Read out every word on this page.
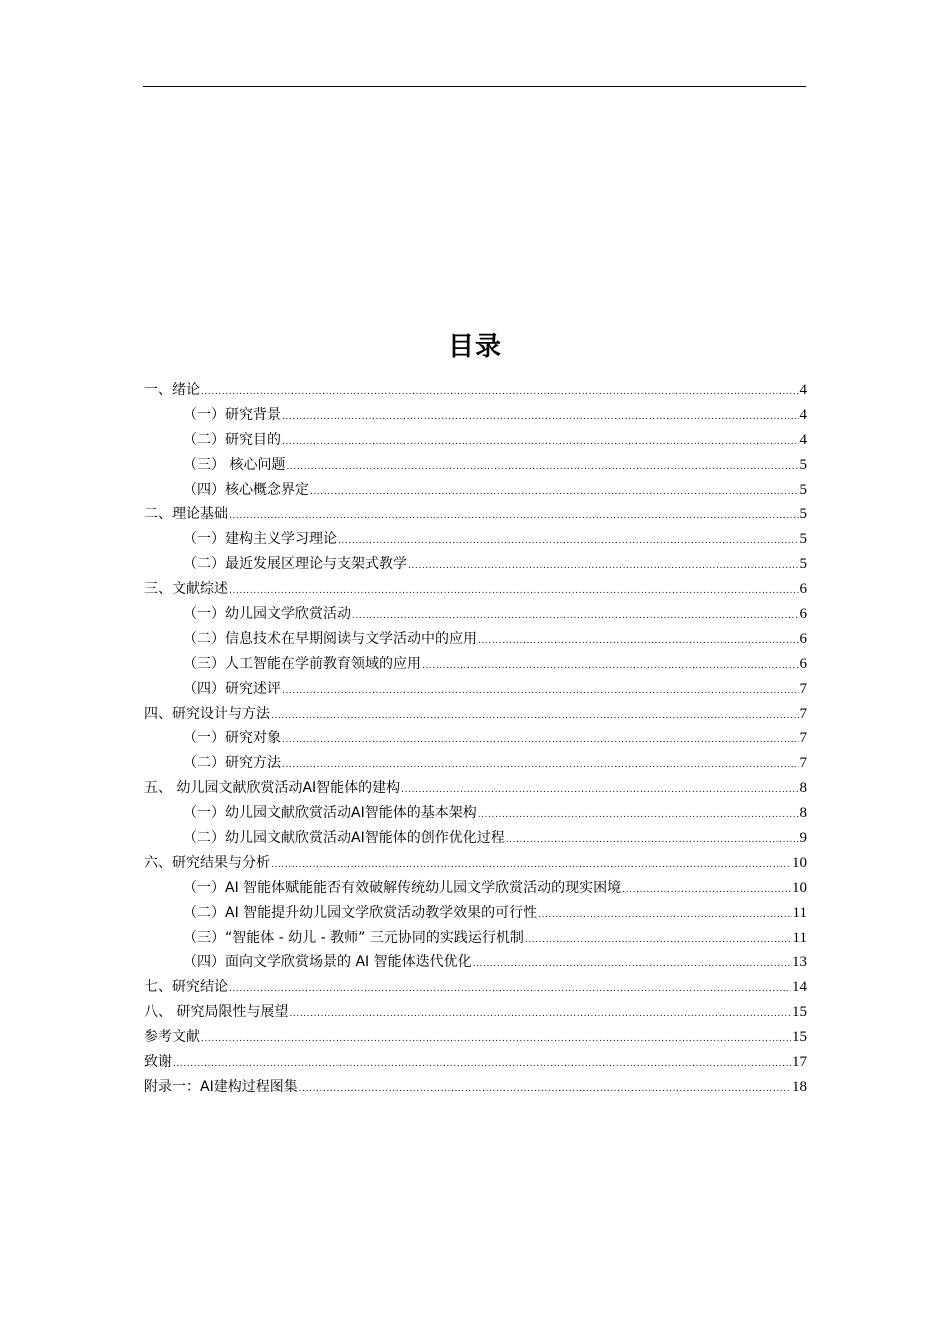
目录
一、绪论 .....	4
（一）研究背景 .....	4
（二）研究目的 .....	4
（三） 核心问题 .....	5
（四）核心概念界定 .....	5
二、理论基础 .....	5
（一）建构主义学习理论 .....	5
（二）最近发展区理论与支架式教学 .....	5
三、文献综述 .....	6
（一）幼儿园文学欣赏活动 .....	6
（二）信息技术在早期阅读与文学活动中的应用 .....	6
（三）人工智能在学前教育领域的应用 .....	6
（四）研究述评 .....	7
四、研究设计与方法 .....	7
（一）研究对象 .....	7
（二）研究方法 .....	7
五、 幼儿园文献欣赏活动AI智能体的建构 .....	8
（一）幼儿园文献欣赏活动AI智能体的基本架构 .....	8
（二）幼儿园文献欣赏活动AI智能体的创作优化过程 .....	9
六、研究结果与分析 .....	10
（一）AI 智能体赋能能否有效破解传统幼儿园文学欣赏活动的现实困境 .....	10
（二）AI 智能提升幼儿园文学欣赏活动教学效果的可行性 .....	11
（三）“智能体 - 幼儿 - 教师” 三元协同的实践运行机制 .....	11
（四）面向文学欣赏场景的 AI 智能体迭代优化 .....	13
七、研究结论 .....	14
八、 研究局限性与展望 .....	15
参考文献 .....	15
致谢 .....	17
附录一：AI建构过程图集 .....	18
